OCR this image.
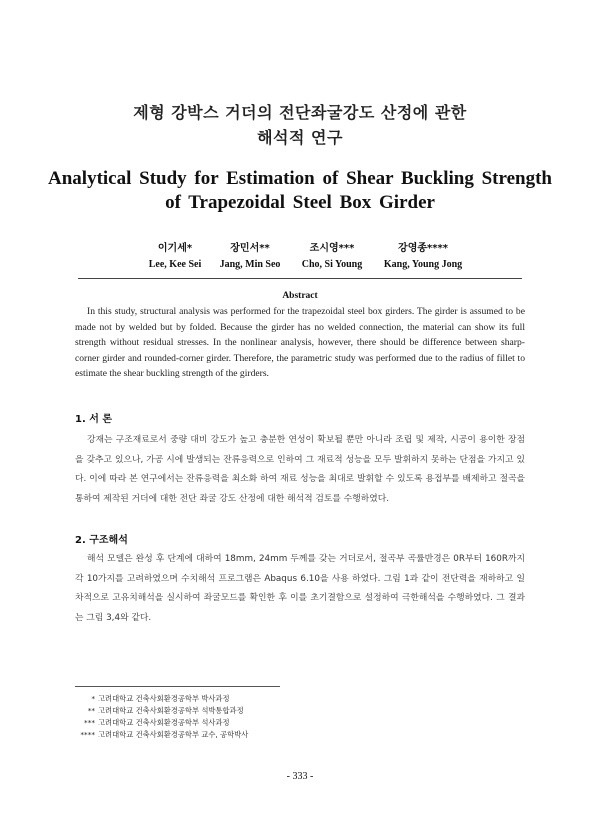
제형 강박스 거더의 전단좌굴강도 산정에 관한
해석적 연구
Analytical Study for Estimation of Shear Buckling Strength
of Trapezoidal Steel Box Girder
이기세*
Lee, Kee Sei
장민서**
Jang, Min Seo
조시영***
Cho, Si Young
강영종****
Kang, Young Jong
Abstract
In this study, structural analysis was performed for the trapezoidal steel box girders. The girder is assumed to be made not by welded but by folded. Because the girder has no welded connection, the material can show its full strength without residual stresses. In the nonlinear analysis, however, there should be difference between sharp-corner girder and rounded-corner girder. Therefore, the parametric study was performed due to the radius of fillet to estimate the shear buckling strength of the girders.
1. 서 론
강재는 구조재료로서 중량 대비 강도가 높고 충분한 연성이 확보될 뿐만 아니라 조립 및 제작, 시공이 용이한 장점을 갖추고 있으나, 가공 시에 발생되는 잔류응력으로 인하여 그 재료적 성능을 모두 발휘하지 못하는 단점을 가지고 있다. 이에 따라 본 연구에서는 잔류응력을 최소화 하여 재료 성능을 최대로 발휘할 수 있도록 용접부를 배제하고 절곡을 통하여 제작된 거더에 대한 전단 좌굴 강도 산정에 대한 해석적 검토를 수행하였다.
2. 구조해석
해석 모델은 완성 후 단계에 대하여 18mm, 24mm 두께를 갖는 거더로서, 절곡부 곡률반경은 0R부터 160R까지 각 10가지를 고려하였으며 수치해석 프로그램은 Abaqus 6.10을 사용 하였다. 그림 1과 같이 전단력을 재하하고 일차적으로 고유치해석을 실시하여 좌굴모드를 확인한 후 이를 초기결함으로 설정하여 극한해석을 수행하였다. 그 결과는 그림 3,4와 같다.
* 고려대학교 건축사회환경공학부 박사과정
** 고려대학교 건축사회환경공학부 석박통합과정
*** 고려대학교 건축사회환경공학부 석사과정
**** 고려대학교 건축사회환경공학부 교수, 공학박사
- 333 -
